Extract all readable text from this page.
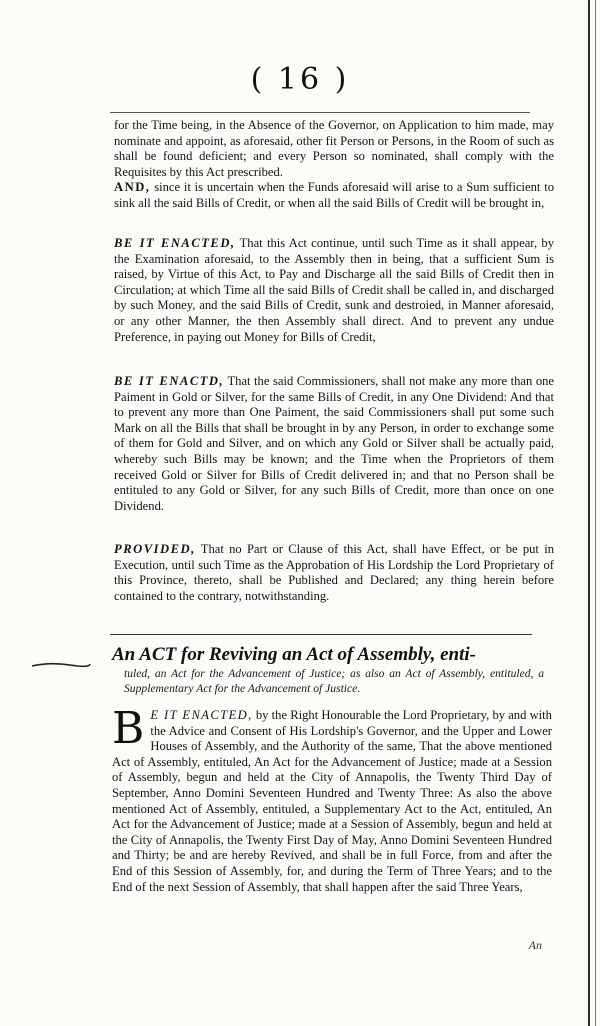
( 16 )
for the Time being, in the Absence of the Governor, on Application to him made, may nominate and appoint, as aforesaid, other fit Person or Persons, in the Room of such as shall be found deficient; and every Person so nominated, shall comply with the Requisites by this Act prescribed.
AND, since it is uncertain when the Funds aforesaid will arise to a Sum sufficient to sink all the said Bills of Credit, or when all the said Bills of Credit will be brought in,
BE IT ENACTED, That this Act continue, until such Time as it shall appear, by the Examination aforesaid, to the Assembly then in being, that a sufficient Sum is raised, by Virtue of this Act, to Pay and Discharge all the said Bills of Credit then in Circulation; at which Time all the said Bills of Credit shall be called in, and discharged by such Money, and the said Bills of Credit, sunk and destroied, in Manner aforesaid, or any other Manner, the then Assembly shall direct. And to prevent any undue Preference, in paying out Money for Bills of Credit,
BE IT ENACTD, That the said Commissioners, shall not make any more than one Paiment in Gold or Silver, for the same Bills of Credit, in any One Dividend: And that to prevent any more than One Paiment, the said Commissioners shall put some such Mark on all the Bills that shall be brought in by any Person, in order to exchange some of them for Gold and Silver, and on which any Gold or Silver shall be actually paid, whereby such Bills may be known; and the Time when the Proprietors of them received Gold or Silver for Bills of Credit delivered in; and that no Person shall be entituled to any Gold or Silver, for any such Bills of Credit, more than once on one Dividend.
PROVIDED, That no Part or Clause of this Act, shall have Effect, or be put in Execution, until such Time as the Approbation of His Lordship the Lord Proprietary of this Province, thereto, shall be Published and Declared; any thing herein before contained to the contrary, notwithstanding.
An ACT for Reviving an Act of Assembly, enti-
tuled, an Act for the Advancement of Justice; as also an Act of Assembly, entituled, a Supplementary Act for the Advancement of Justice.
B E IT ENACTED, by the Right Honourable the Lord Proprietary, by and with the Advice and Consent of His Lordship's Governor, and the Upper and Lower Houses of Assembly, and the Authority of the same, That the above mentioned Act of Assembly, entituled, An Act for the Advancement of Justice; made at a Session of Assembly, begun and held at the City of Annapolis, the Twenty Third Day of September, Anno Domini Seventeen Hundred and Twenty Three: As also the above mentioned Act of Assembly, entituled, a Supplementary Act to the Act, entituled, An Act for the Advancement of Justice; made at a Session of Assembly, begun and held at the City of Annapolis, the Twenty First Day of May, Anno Domini Seventeen Hundred and Thirty; be and are hereby Revived, and shall be in full Force, from and after the End of this Session of Assembly, for, and during the Term of Three Years; and to the End of the next Session of Assembly, that shall happen after the said Three Years,
An
